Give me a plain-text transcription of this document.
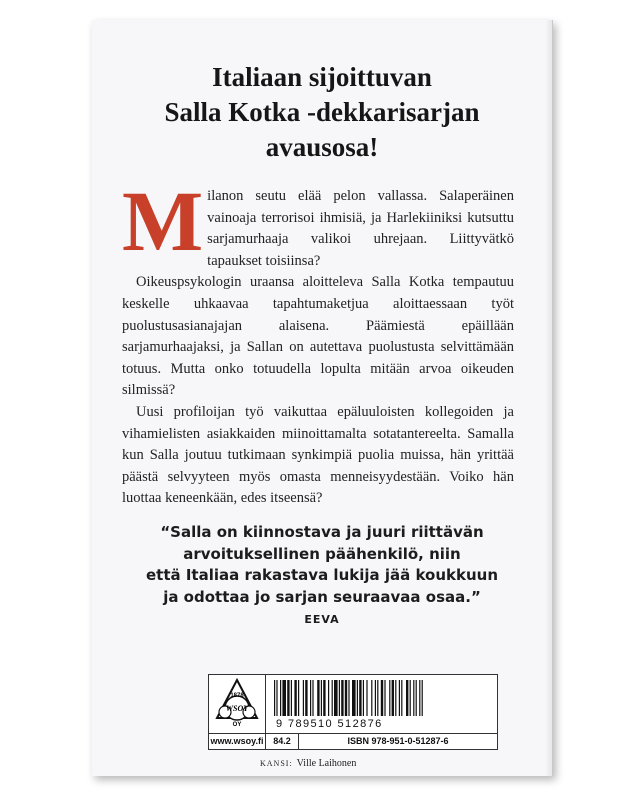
Italiaan sijoittuvan
Salla Kotka -dekkarisarjan
avausosa!
M ilanon seutu elää pelon vallassa. Salaperäinen vainoaja terrorisoi ihmisiä, ja Harlekiiniksi kutsuttu sarjamurhaaja valikoi uhrejaan. Liittyvätkö tapaukset toisiinsa?

Oikeuspsykologin uraansa aloitteleva Salla Kotka tempautuu keskelle uhkaavaa tapahtumaketjua aloittaessaan työt puolustusasianajajan alaisena. Päämiestä epäillään sarjamurhaajaksi, ja Sallan on autettava puolustusta selvittämään totuus. Mutta onko totuudella lopulta mitään arvoa oikeuden silmissä?

Uusi profiloijan työ vaikuttaa epäluuloisten kollegoiden ja vihamielisten asiakkaiden miinoittamalta sotatantereelta. Samalla kun Salla joutuu tutkimaan synkimpiä puolia muissa, hän yrittää päästä selvyyteen myös omasta menneisyydestään. Voiko hän luottaa keneenkään, edes itseensä?

“Salla on kiinnostava ja juuri riittävän
arvoituksellinen päähenkilö, niin
että Italiaa rakastava lukija jää koukkuun
ja odottaa jo sarjan seuraavaa osaa.”
EEVA
1878
WSOY
OY	9 789510 512876
www.wsoy.fi	84.2	ISBN 978-951-0-51287-6
KANSI: Ville Laihonen
